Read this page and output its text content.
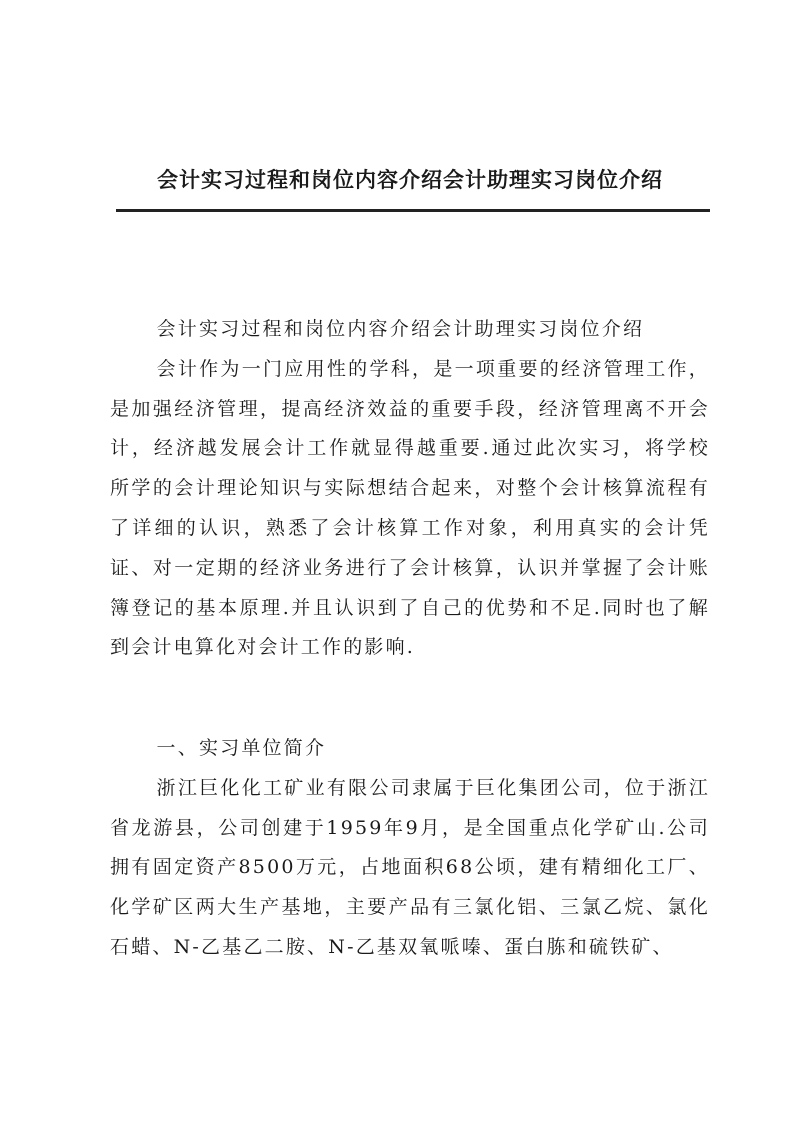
会计实习过程和岗位内容介绍会计助理实习岗位介绍

会计实习过程和岗位内容介绍会计助理实习岗位介绍

会计作为一门应用性的学科，是一项重要的经济管理工作，是加强经济管理，提高经济效益的重要手段，经济管理离不开会计，经济越发展会计工作就显得越重要.通过此次实习，将学校所学的会计理论知识与实际想结合起来，对整个会计核算流程有了详细的认识，熟悉了会计核算工作对象，利用真实的会计凭证、对一定期的经济业务进行了会计核算，认识并掌握了会计账簿登记的基本原理.并且认识到了自己的优势和不足.同时也了解到会计电算化对会计工作的影响.

一、实习单位简介

浙江巨化化工矿业有限公司隶属于巨化集团公司，位于浙江省龙游县，公司创建于1959年9月，是全国重点化学矿山.公司拥有固定资产8500万元，占地面积68公顷，建有精细化工厂、化学矿区两大生产基地，主要产品有三氯化铝、三氯乙烷、氯化石蜡、N-乙基乙二胺、N-乙基双氧哌嗪、蛋白胨和硫铁矿、
